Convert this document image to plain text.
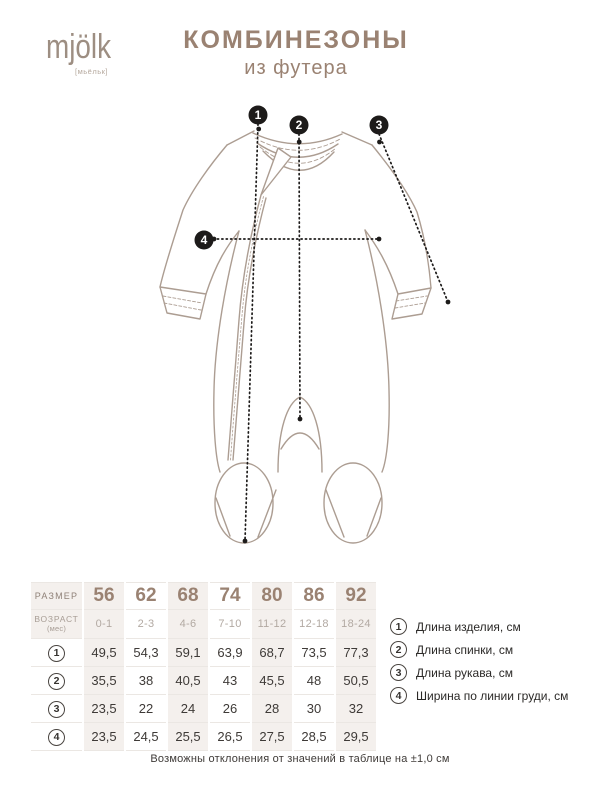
mjölk
[мьёльк]
КОМБИНЕЗОНЫ
из футера
1
2	3
4
РАЗМЕР	56	62	68	74	80	86	92

ВОЗРАСТ
(мес)	0-1	2-3	4-6	7-10	11-12	12-18	18-24
1	49,5	54,3	59,1	63,9	68,7	73,5	77,3
2	35,5	38	40,5	43	45,5	48	50,5
3	23,5	22	24	26	28	30	32
4	23,5	24,5	25,5	26,5	27,5	28,5	29,5
1	Длина изделия, см
2	Длина спинки, см
3	Длина рукава, см
4	Ширина по линии груди, см
Возможны отклонения от значений в таблице на ±1,0 см
